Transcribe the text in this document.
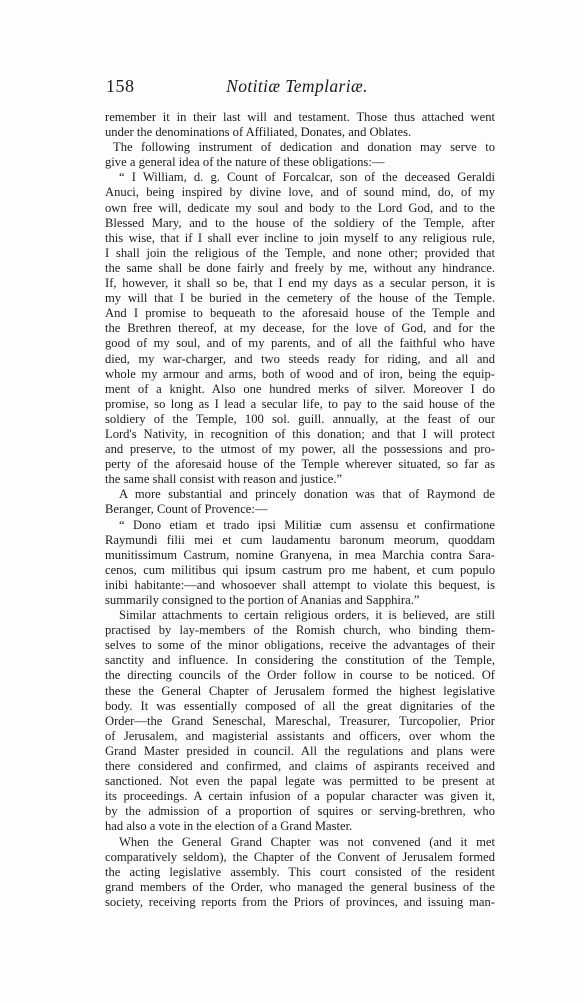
158	Notitiæ Templariæ.
remember it in their last will and testament. Those thus attached went
under the denominations of Affiliated, Donates, and Oblates.
The following instrument of dedication and donation may serve to
give a general idea of the nature of these obligations:—
“ I William, d. g. Count of Forcalcar, son of the deceased Geraldi
Anuci, being inspired by divine love, and of sound mind, do, of my
own free will, dedicate my soul and body to the Lord God, and to the
Blessed Mary, and to the house of the soldiery of the Temple, after
this wise, that if I shall ever incline to join myself to any religious rule,
I shall join the religious of the Temple, and none other; provided that
the same shall be done fairly and freely by me, without any hindrance.
If, however, it shall so be, that I end my days as a secular person, it is
my will that I be buried in the cemetery of the house of the Temple.
And I promise to bequeath to the aforesaid house of the Temple and
the Brethren thereof, at my decease, for the love of God, and for the
good of my soul, and of my parents, and of all the faithful who have
died, my war-charger, and two steeds ready for riding, and all and
whole my armour and arms, both of wood and of iron, being the equip-
ment of a knight. Also one hundred merks of silver. Moreover I do
promise, so long as I lead a secular life, to pay to the said house of the
soldiery of the Temple, 100 sol. guill. annually, at the feast of our
Lord's Nativity, in recognition of this donation; and that I will protect
and preserve, to the utmost of my power, all the possessions and pro-
perty of the aforesaid house of the Temple wherever situated, so far as
the same shall consist with reason and justice.”
A more substantial and princely donation was that of Raymond de
Beranger, Count of Provence:—
“ Dono etiam et trado ipsi Militiæ cum assensu et confirmatione
Raymundi filii mei et cum laudamentu baronum meorum, quoddam
munitissimum Castrum, nomine Granyena, in mea Marchia contra Sara-
cenos, cum militibus qui ipsum castrum pro me habent, et cum populo
inibi habitante:—and whosoever shall attempt to violate this bequest, is
summarily consigned to the portion of Ananias and Sapphira.”
Similar attachments to certain religious orders, it is believed, are still
practised by lay-members of the Romish church, who binding them-
selves to some of the minor obligations, receive the advantages of their
sanctity and influence. In considering the constitution of the Temple,
the directing councils of the Order follow in course to be noticed. Of
these the General Chapter of Jerusalem formed the highest legislative
body. It was essentially composed of all the great dignitaries of the
Order—the Grand Seneschal, Mareschal, Treasurer, Turcopolier, Prior
of Jerusalem, and magisterial assistants and officers, over whom the
Grand Master presided in council. All the regulations and plans were
there considered and confirmed, and claims of aspirants received and
sanctioned. Not even the papal legate was permitted to be present at
its proceedings. A certain infusion of a popular character was given it,
by the admission of a proportion of squires or serving-brethren, who
had also a vote in the election of a Grand Master.
When the General Grand Chapter was not convened (and it met
comparatively seldom), the Chapter of the Convent of Jerusalem formed
the acting legislative assembly. This court consisted of the resident
grand members of the Order, who managed the general business of the
society, receiving reports from the Priors of provinces, and issuing man-
